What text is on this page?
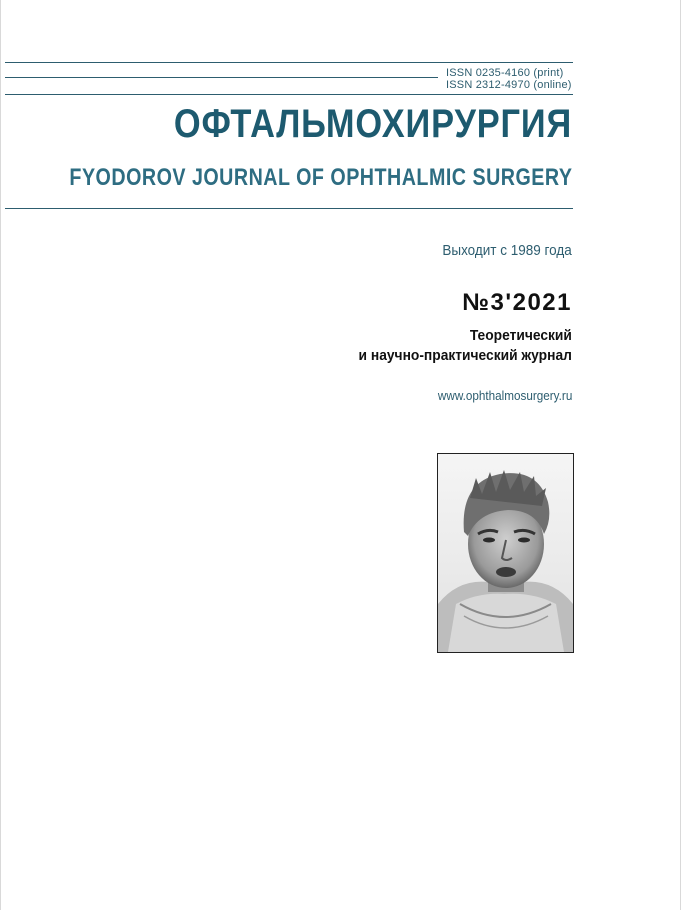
ISSN 0235-4160 (print)
ISSN 2312-4970 (online)
ОФТАЛЬМОХИРУРГИЯ
FYODOROV JOURNAL OF OPHTHALMIC SURGERY
Выходит с 1989 года
№3'2021
Теоретический
и научно-практический журнал
www.ophthalmosurgery.ru
